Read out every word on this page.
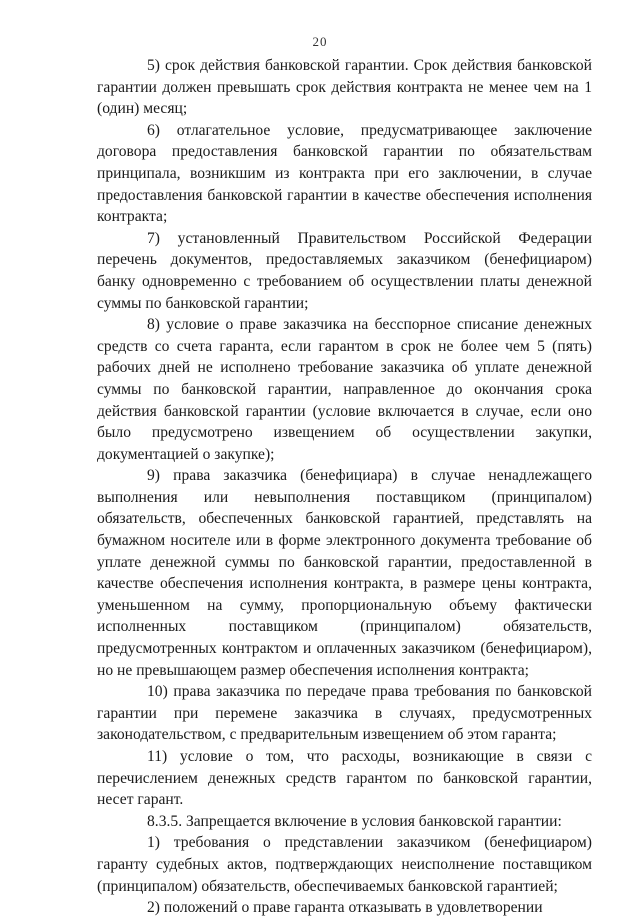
20

5) срок действия банковской гарантии. Срок действия банковской гарантии должен превышать срок действия контракта не менее чем на 1 (один) месяц;

6) отлагательное условие, предусматривающее заключение договора предоставления банковской гарантии по обязательствам принципала, возникшим из контракта при его заключении, в случае предоставления банковской гарантии в качестве обеспечения исполнения контракта;

7) установленный Правительством Российской Федерации перечень документов, предоставляемых заказчиком (бенефициаром) банку одновременно с требованием об осуществлении платы денежной суммы по банковской гарантии;

8) условие о праве заказчика на бесспорное списание денежных средств со счета гаранта, если гарантом в срок не более чем 5 (пять) рабочих дней не исполнено требование заказчика об уплате денежной суммы по банковской гарантии, направленное до окончания срока действия банковской гарантии (условие включается в случае, если оно было предусмотрено извещением об осуществлении закупки, документацией о закупке);

9) права заказчика (бенефициара) в случае ненадлежащего выполнения или невыполнения поставщиком (принципалом) обязательств, обеспеченных банковской гарантией, представлять на бумажном носителе или в форме электронного документа требование об уплате денежной суммы по банковской гарантии, предоставленной в качестве обеспечения исполнения контракта, в размере цены контракта, уменьшенном на сумму, пропорциональную объему фактически исполненных поставщиком (принципалом) обязательств, предусмотренных контрактом и оплаченных заказчиком (бенефициаром), но не превышающем размер обеспечения исполнения контракта;

10) права заказчика по передаче права требования по банковской гарантии при перемене заказчика в случаях, предусмотренных законодательством, с предварительным извещением об этом гаранта;

11) условие о том, что расходы, возникающие в связи с перечислением денежных средств гарантом по банковской гарантии, несет гарант.

8.3.5. Запрещается включение в условия банковской гарантии:

1) требования о представлении заказчиком (бенефициаром) гаранту судебных актов, подтверждающих неисполнение поставщиком (принципалом) обязательств, обеспечиваемых банковской гарантией;

2) положений о праве гаранта отказывать в удовлетворении
